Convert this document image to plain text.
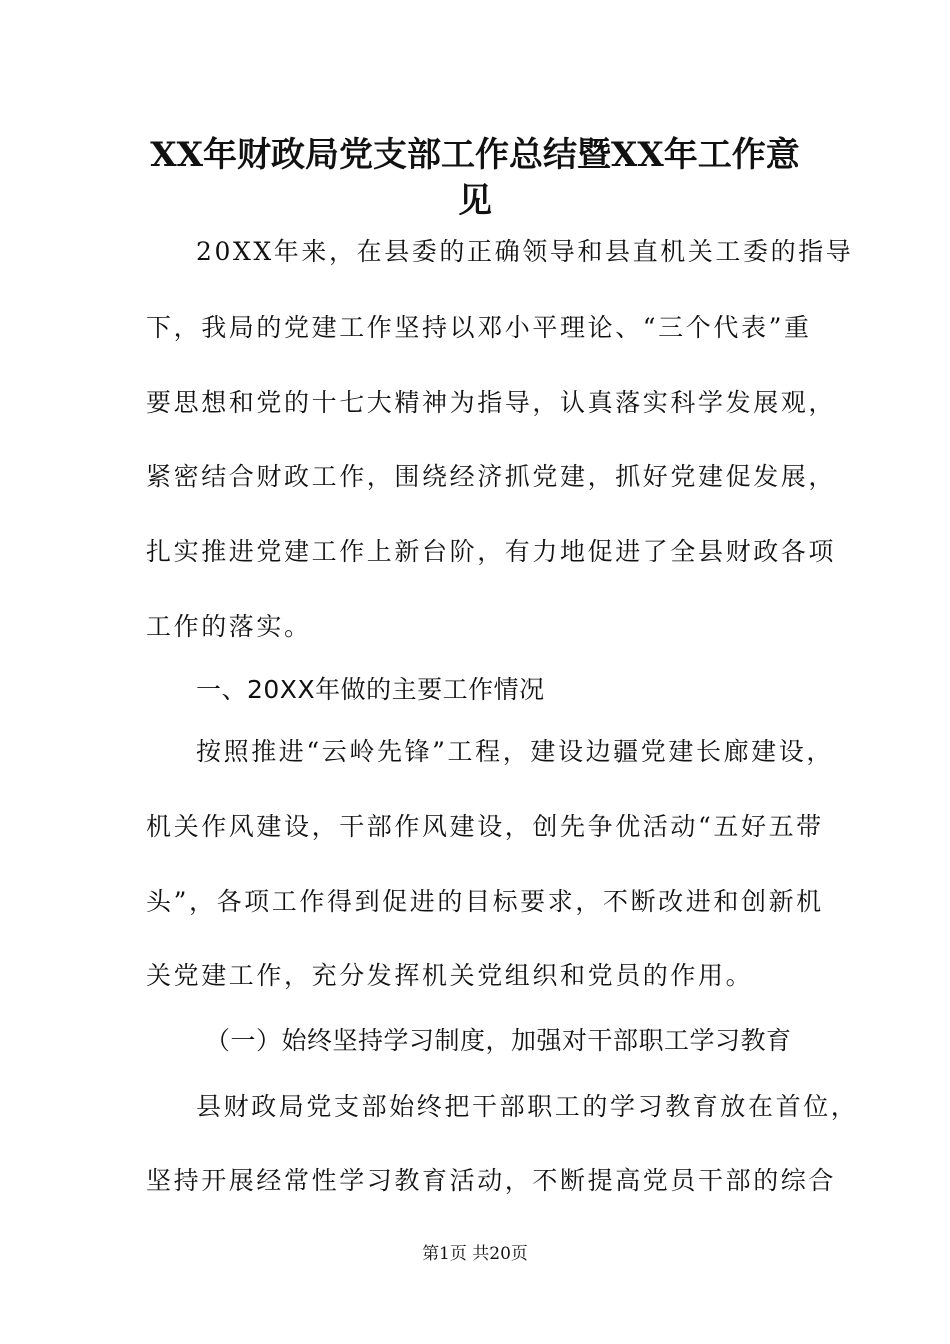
XX年财政局党支部工作总结暨XX年工作意
见
20XX年来，在县委的正确领导和县直机关工委的指导
下，我局的党建工作坚持以邓小平理论、“三个代表”重
要思想和党的十七大精神为指导，认真落实科学发展观，
紧密结合财政工作，围绕经济抓党建，抓好党建促发展，
扎实推进党建工作上新台阶，有力地促进了全县财政各项
工作的落实。
一、20XX年做的主要工作情况
按照推进“云岭先锋”工程，建设边疆党建长廊建设，
机关作风建设，干部作风建设，创先争优活动“五好五带
头”，各项工作得到促进的目标要求，不断改进和创新机
关党建工作，充分发挥机关党组织和党员的作用。
（一）始终坚持学习制度，加强对干部职工学习教育
县财政局党支部始终把干部职工的学习教育放在首位，
坚持开展经常性学习教育活动，不断提高党员干部的综合
第1页 共20页
